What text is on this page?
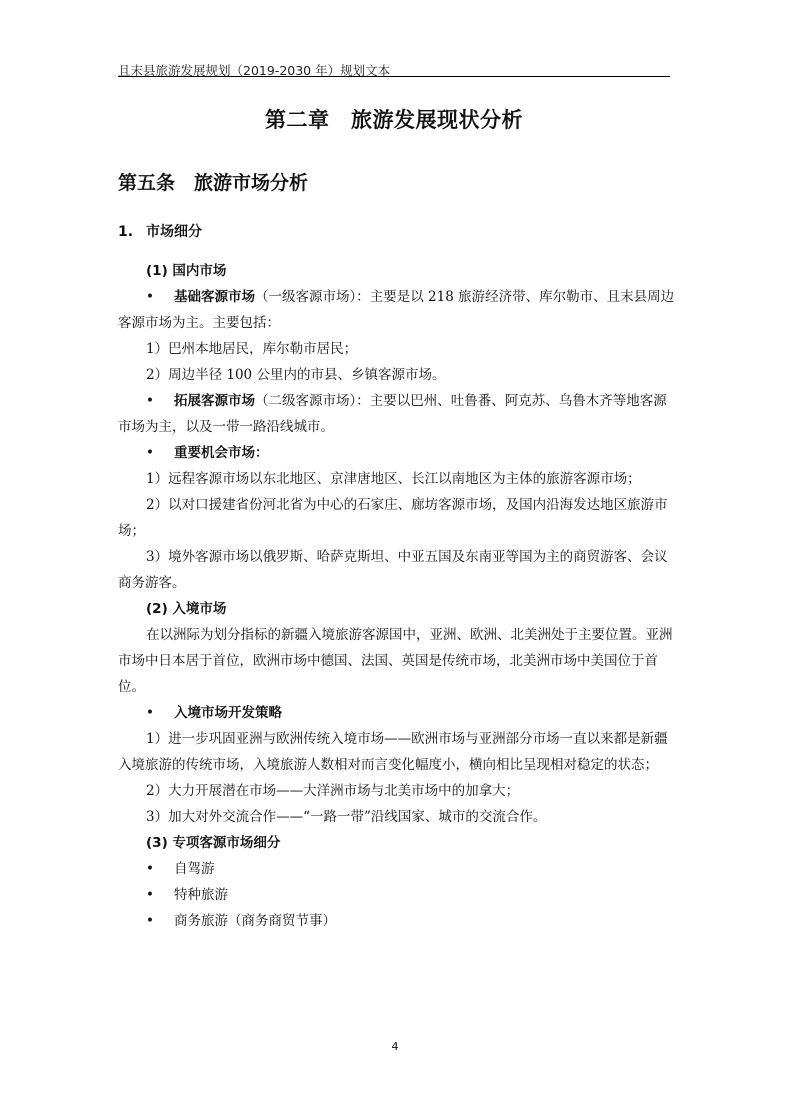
且末县旅游发展规划（2019-2030 年）规划文本
第二章　旅游发展现状分析
第五条　旅游市场分析
1. 市场细分

(1) 国内市场

• 基础客源市场（一级客源市场）：主要是以 218 旅游经济带、库尔勒市、且末县周边客源市场为主。主要包括：

1）巴州本地居民，库尔勒市居民；

2）周边半径 100 公里内的市县、乡镇客源市场。

• 拓展客源市场（二级客源市场）：主要以巴州、吐鲁番、阿克苏、乌鲁木齐等地客源市场为主，以及一带一路沿线城市。

• 重要机会市场：

1）远程客源市场以东北地区、京津唐地区、长江以南地区为主体的旅游客源市场；

2）以对口援建省份河北省为中心的石家庄、廊坊客源市场，及国内沿海发达地区旅游市场；

3）境外客源市场以俄罗斯、哈萨克斯坦、中亚五国及东南亚等国为主的商贸游客、会议商务游客。

(2) 入境市场

在以洲际为划分指标的新疆入境旅游客源国中，亚洲、欧洲、北美洲处于主要位置。亚洲市场中日本居于首位，欧洲市场中德国、法国、英国是传统市场，北美洲市场中美国位于首位。

• 入境市场开发策略

1）进一步巩固亚洲与欧洲传统入境市场——欧洲市场与亚洲部分市场一直以来都是新疆入境旅游的传统市场，入境旅游人数相对而言变化幅度小，横向相比呈现相对稳定的状态；

2）大力开展潜在市场——大洋洲市场与北美市场中的加拿大；

3）加大对外交流合作——“一路一带”沿线国家、城市的交流合作。

(3) 专项客源市场细分

• 自驾游

• 特种旅游

• 商务旅游（商务商贸节事）

4
